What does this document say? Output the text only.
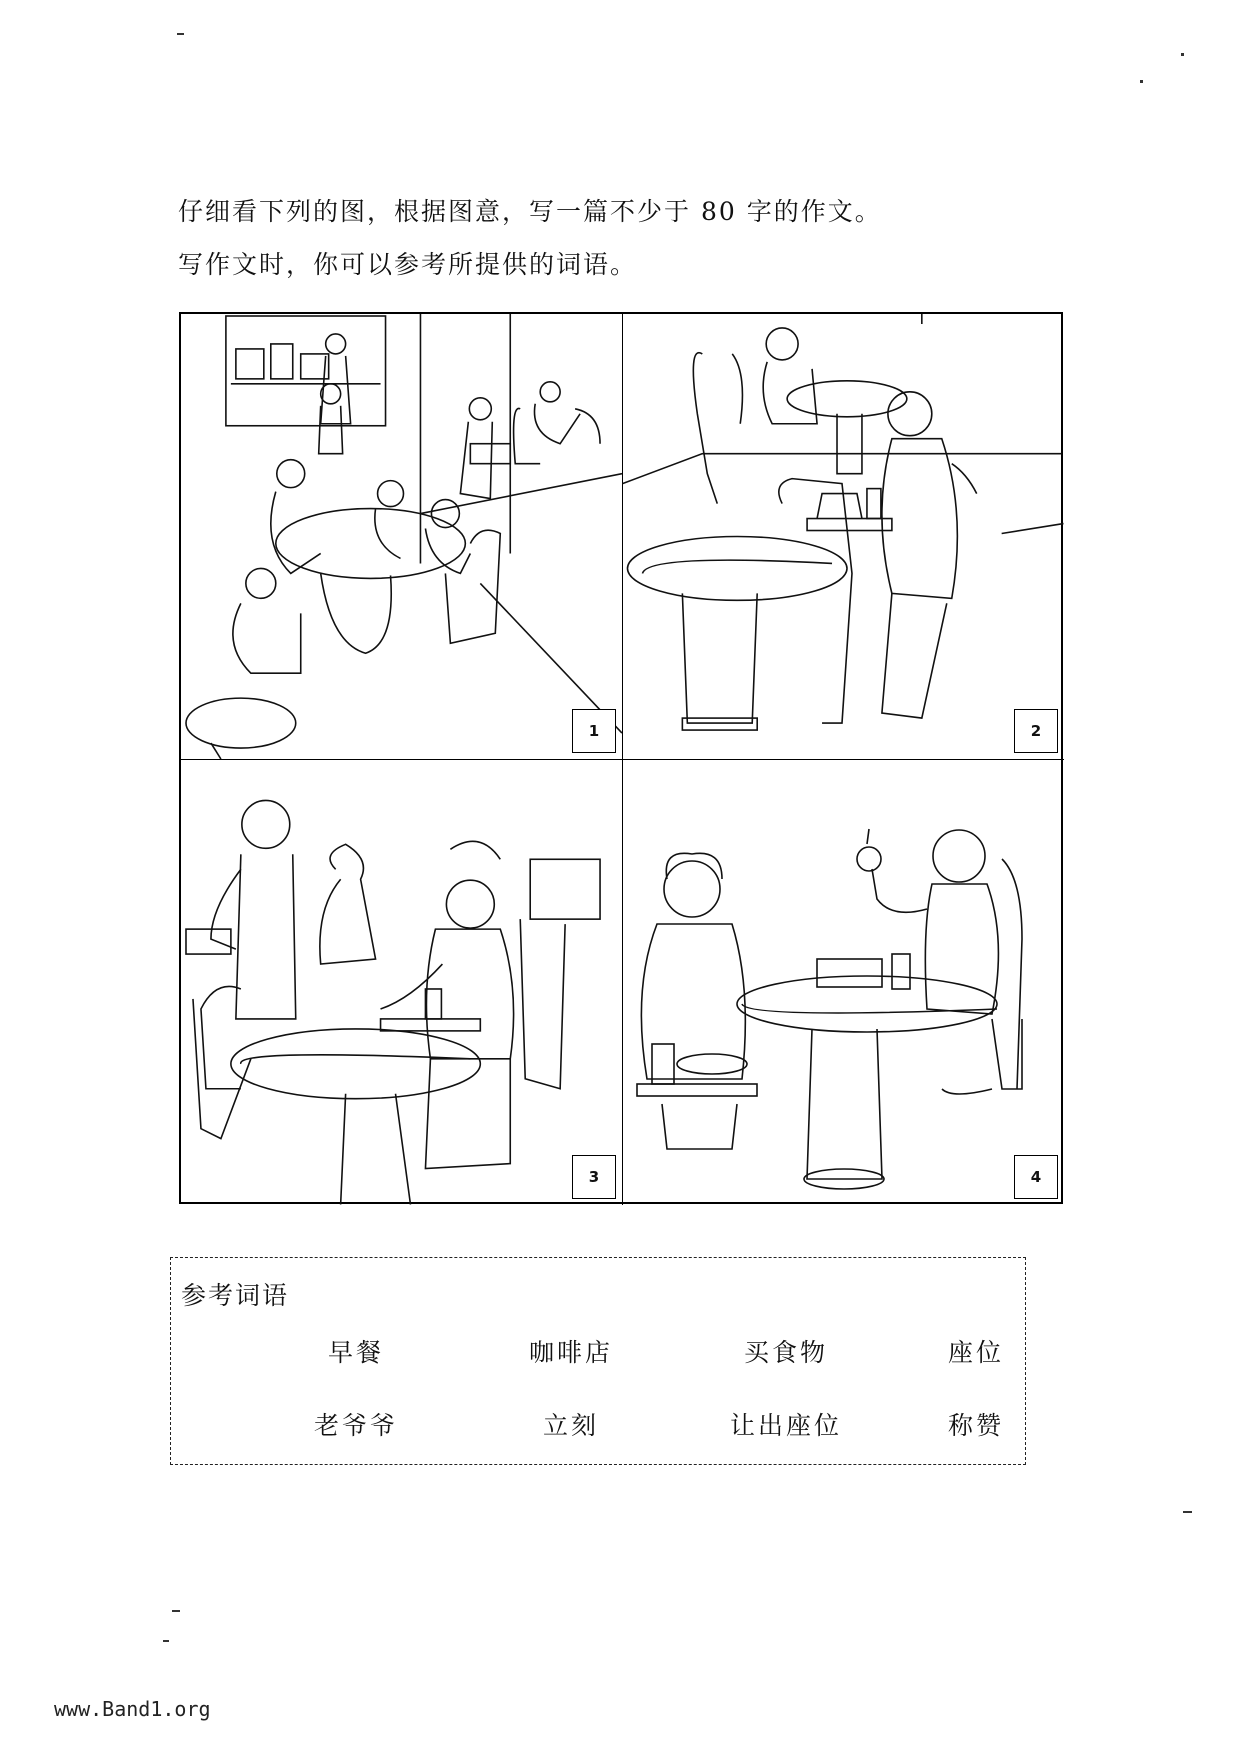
仔细看下列的图，根据图意，写一篇不少于 80 字的作文。
写作文时，你可以参考所提供的词语。
1	2
3	4
参考词语
早餐	咖啡店	买食物	座位
老爷爷	立刻	让出座位	称赞
www.Band1.org
